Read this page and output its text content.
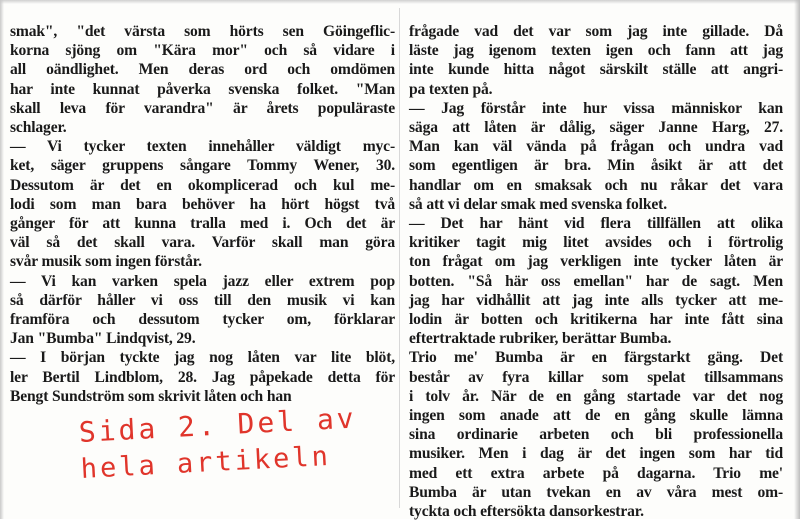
smak", "det värsta som hörts sen Göingeflic-
korna sjöng om "Kära mor" och så vidare i
all oändlighet. Men deras ord och omdömen
har inte kunnat påverka svenska folket. "Man
skall leva för varandra" är årets populäraste
schlager.
— Vi tycker texten innehåller väldigt myc-
ket, säger gruppens sångare Tommy Wener, 30.
Dessutom är det en okomplicerad och kul me-
lodi som man bara behöver ha hört högst två
gånger för att kunna tralla med i. Och det är
väl så det skall vara. Varför skall man göra
svår musik som ingen förstår.
— Vi kan varken spela jazz eller extrem pop
så därför håller vi oss till den musik vi kan
framföra och dessutom tycker om, förklarar
Jan "Bumba" Lindqvist, 29.
— I början tyckte jag nog låten var lite blöt,
ler Bertil Lindblom, 28. Jag påpekade detta för
Bengt Sundström som skrivit låten och han
frågade vad det var som jag inte gillade. Då
läste jag igenom texten igen och fann att jag
inte kunde hitta något särskilt ställe att angri-
pa texten på.
— Jag förstår inte hur vissa människor kan
säga att låten är dålig, säger Janne Harg, 27.
Man kan väl vända på frågan och undra vad
som egentligen är bra. Min åsikt är att det
handlar om en smaksak och nu råkar det vara
så att vi delar smak med svenska folket.
— Det har hänt vid flera tillfällen att olika
kritiker tagit mig litet avsides och i förtrolig
ton frågat om jag verkligen inte tycker låten är
botten. "Så här oss emellan" har de sagt. Men
jag har vidhållit att jag inte alls tycker att me-
lodin är botten och kritikerna har inte fått sina
eftertraktade rubriker, berättar Bumba.
Trio me' Bumba är en färgstarkt gäng. Det
består av fyra killar som spelat tillsammans
i tolv år. När de en gång startade var det nog
ingen som anade att de en gång skulle lämna
sina ordinarie arbeten och bli professionella
musiker. Men i dag är det ingen som har tid
med ett extra arbete på dagarna. Trio me'
Bumba är utan tvekan en av våra mest om-
tyckta och eftersökta dansorkestrar.
Sida 2. Del av
hela artikeln
